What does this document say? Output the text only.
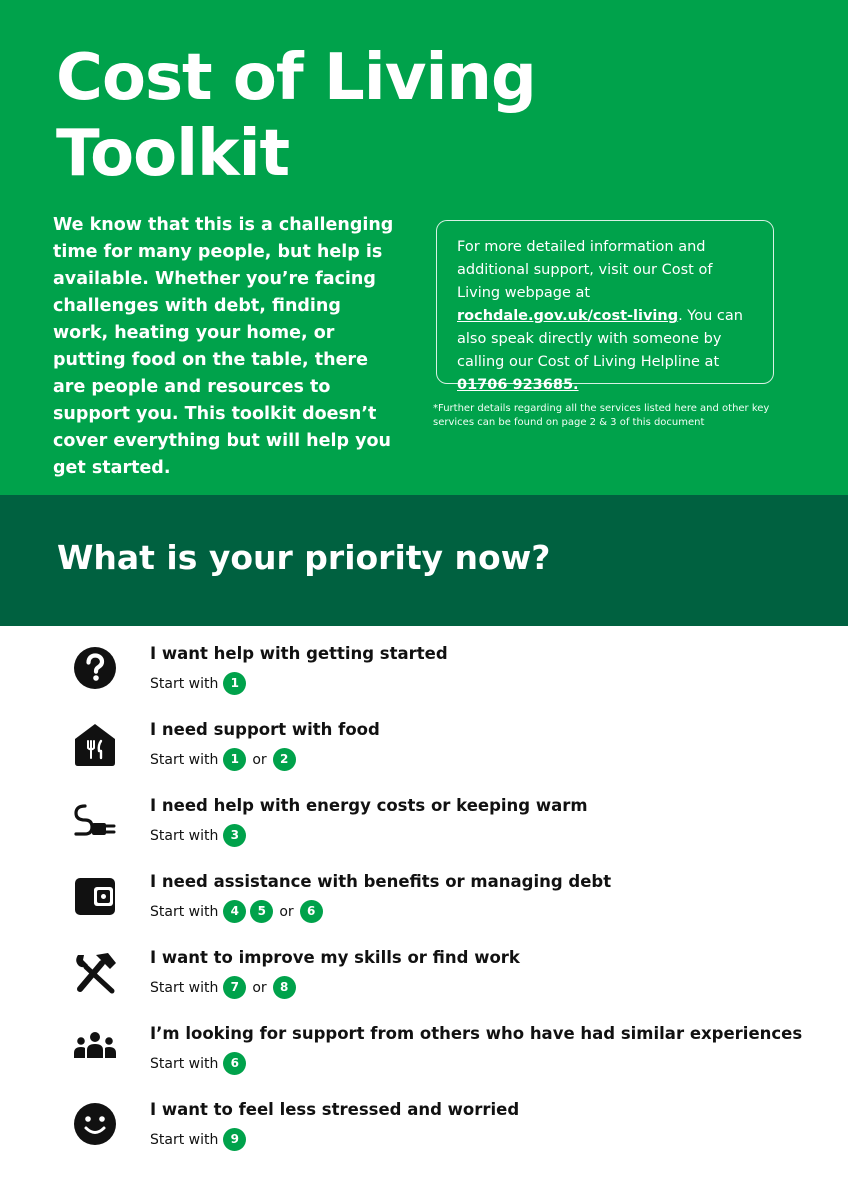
Cost of Living
Toolkit

We know that this is a challenging time for many people, but help is available. Whether you’re facing challenges with debt, finding work, heating your home, or putting food on the table, there are people and resources to support you. This toolkit doesn’t cover everything but will help you get started.

For more detailed information and additional support, visit our Cost of Living webpage at rochdale.gov.uk/cost-living. You can also speak directly with someone by calling our Cost of Living Helpline at 01706 923685.

*Further details regarding all the services listed here and other key services can be found on page 2 & 3 of this document

What is your priority now?

I want help with getting started

Start with	1

I need support with food

Start with	1 or	2

I need help with energy costs or keeping warm

Start with	3

I need assistance with benefits or managing debt

Start with	4	5 or	6

I want to improve my skills or find work

Start with	7 or	8

I’m looking for support from others who have had similar experiences

Start with	6

I want to feel less stressed and worried

Start with	9
